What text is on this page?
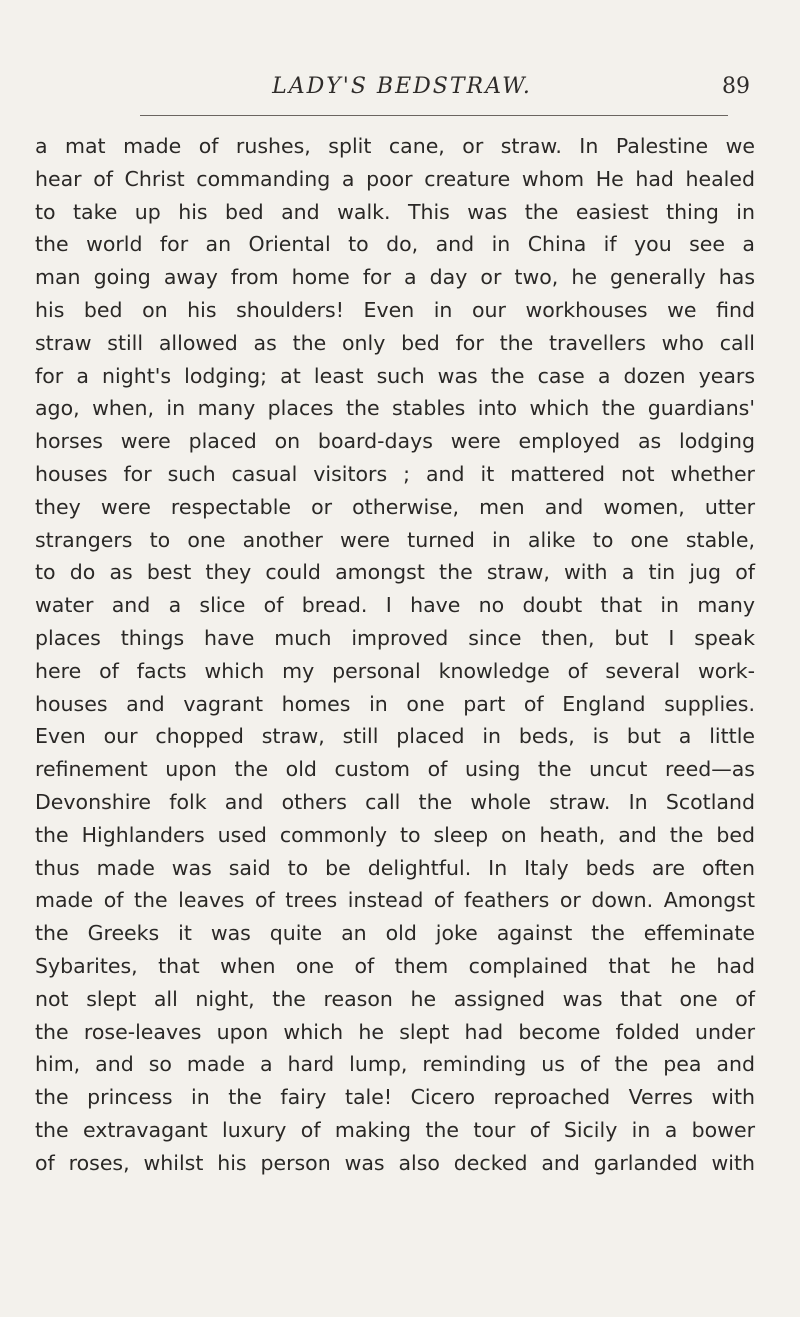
LADY'S BEDSTRAW.	89
a mat made of rushes, split cane, or straw. In Palestine we
hear of Christ commanding a poor creature whom He had healed
to take up his bed and walk. This was the easiest thing in
the world for an Oriental to do, and in China if you see a
man going away from home for a day or two, he generally has
his bed on his shoulders! Even in our workhouses we find
straw still allowed as the only bed for the travellers who call
for a night's lodging; at least such was the case a dozen years
ago, when, in many places the stables into which the guardians'
horses were placed on board-days were employed as lodging
houses for such casual visitors ; and it mattered not whether
they were respectable or otherwise, men and women, utter
strangers to one another were turned in alike to one stable,
to do as best they could amongst the straw, with a tin jug of
water and a slice of bread. I have no doubt that in many
places things have much improved since then, but I speak
here of facts which my personal knowledge of several work-
houses and vagrant homes in one part of England supplies.
Even our chopped straw, still placed in beds, is but a little
refinement upon the old custom of using the uncut reed—as
Devonshire folk and others call the whole straw. In Scotland
the Highlanders used commonly to sleep on heath, and the bed
thus made was said to be delightful. In Italy beds are often
made of the leaves of trees instead of feathers or down. Amongst
the Greeks it was quite an old joke against the effeminate
Sybarites, that when one of them complained that he had
not slept all night, the reason he assigned was that one of
the rose-leaves upon which he slept had become folded under
him, and so made a hard lump, reminding us of the pea and
the princess in the fairy tale! Cicero reproached Verres with
the extravagant luxury of making the tour of Sicily in a bower
of roses, whilst his person was also decked and garlanded with
